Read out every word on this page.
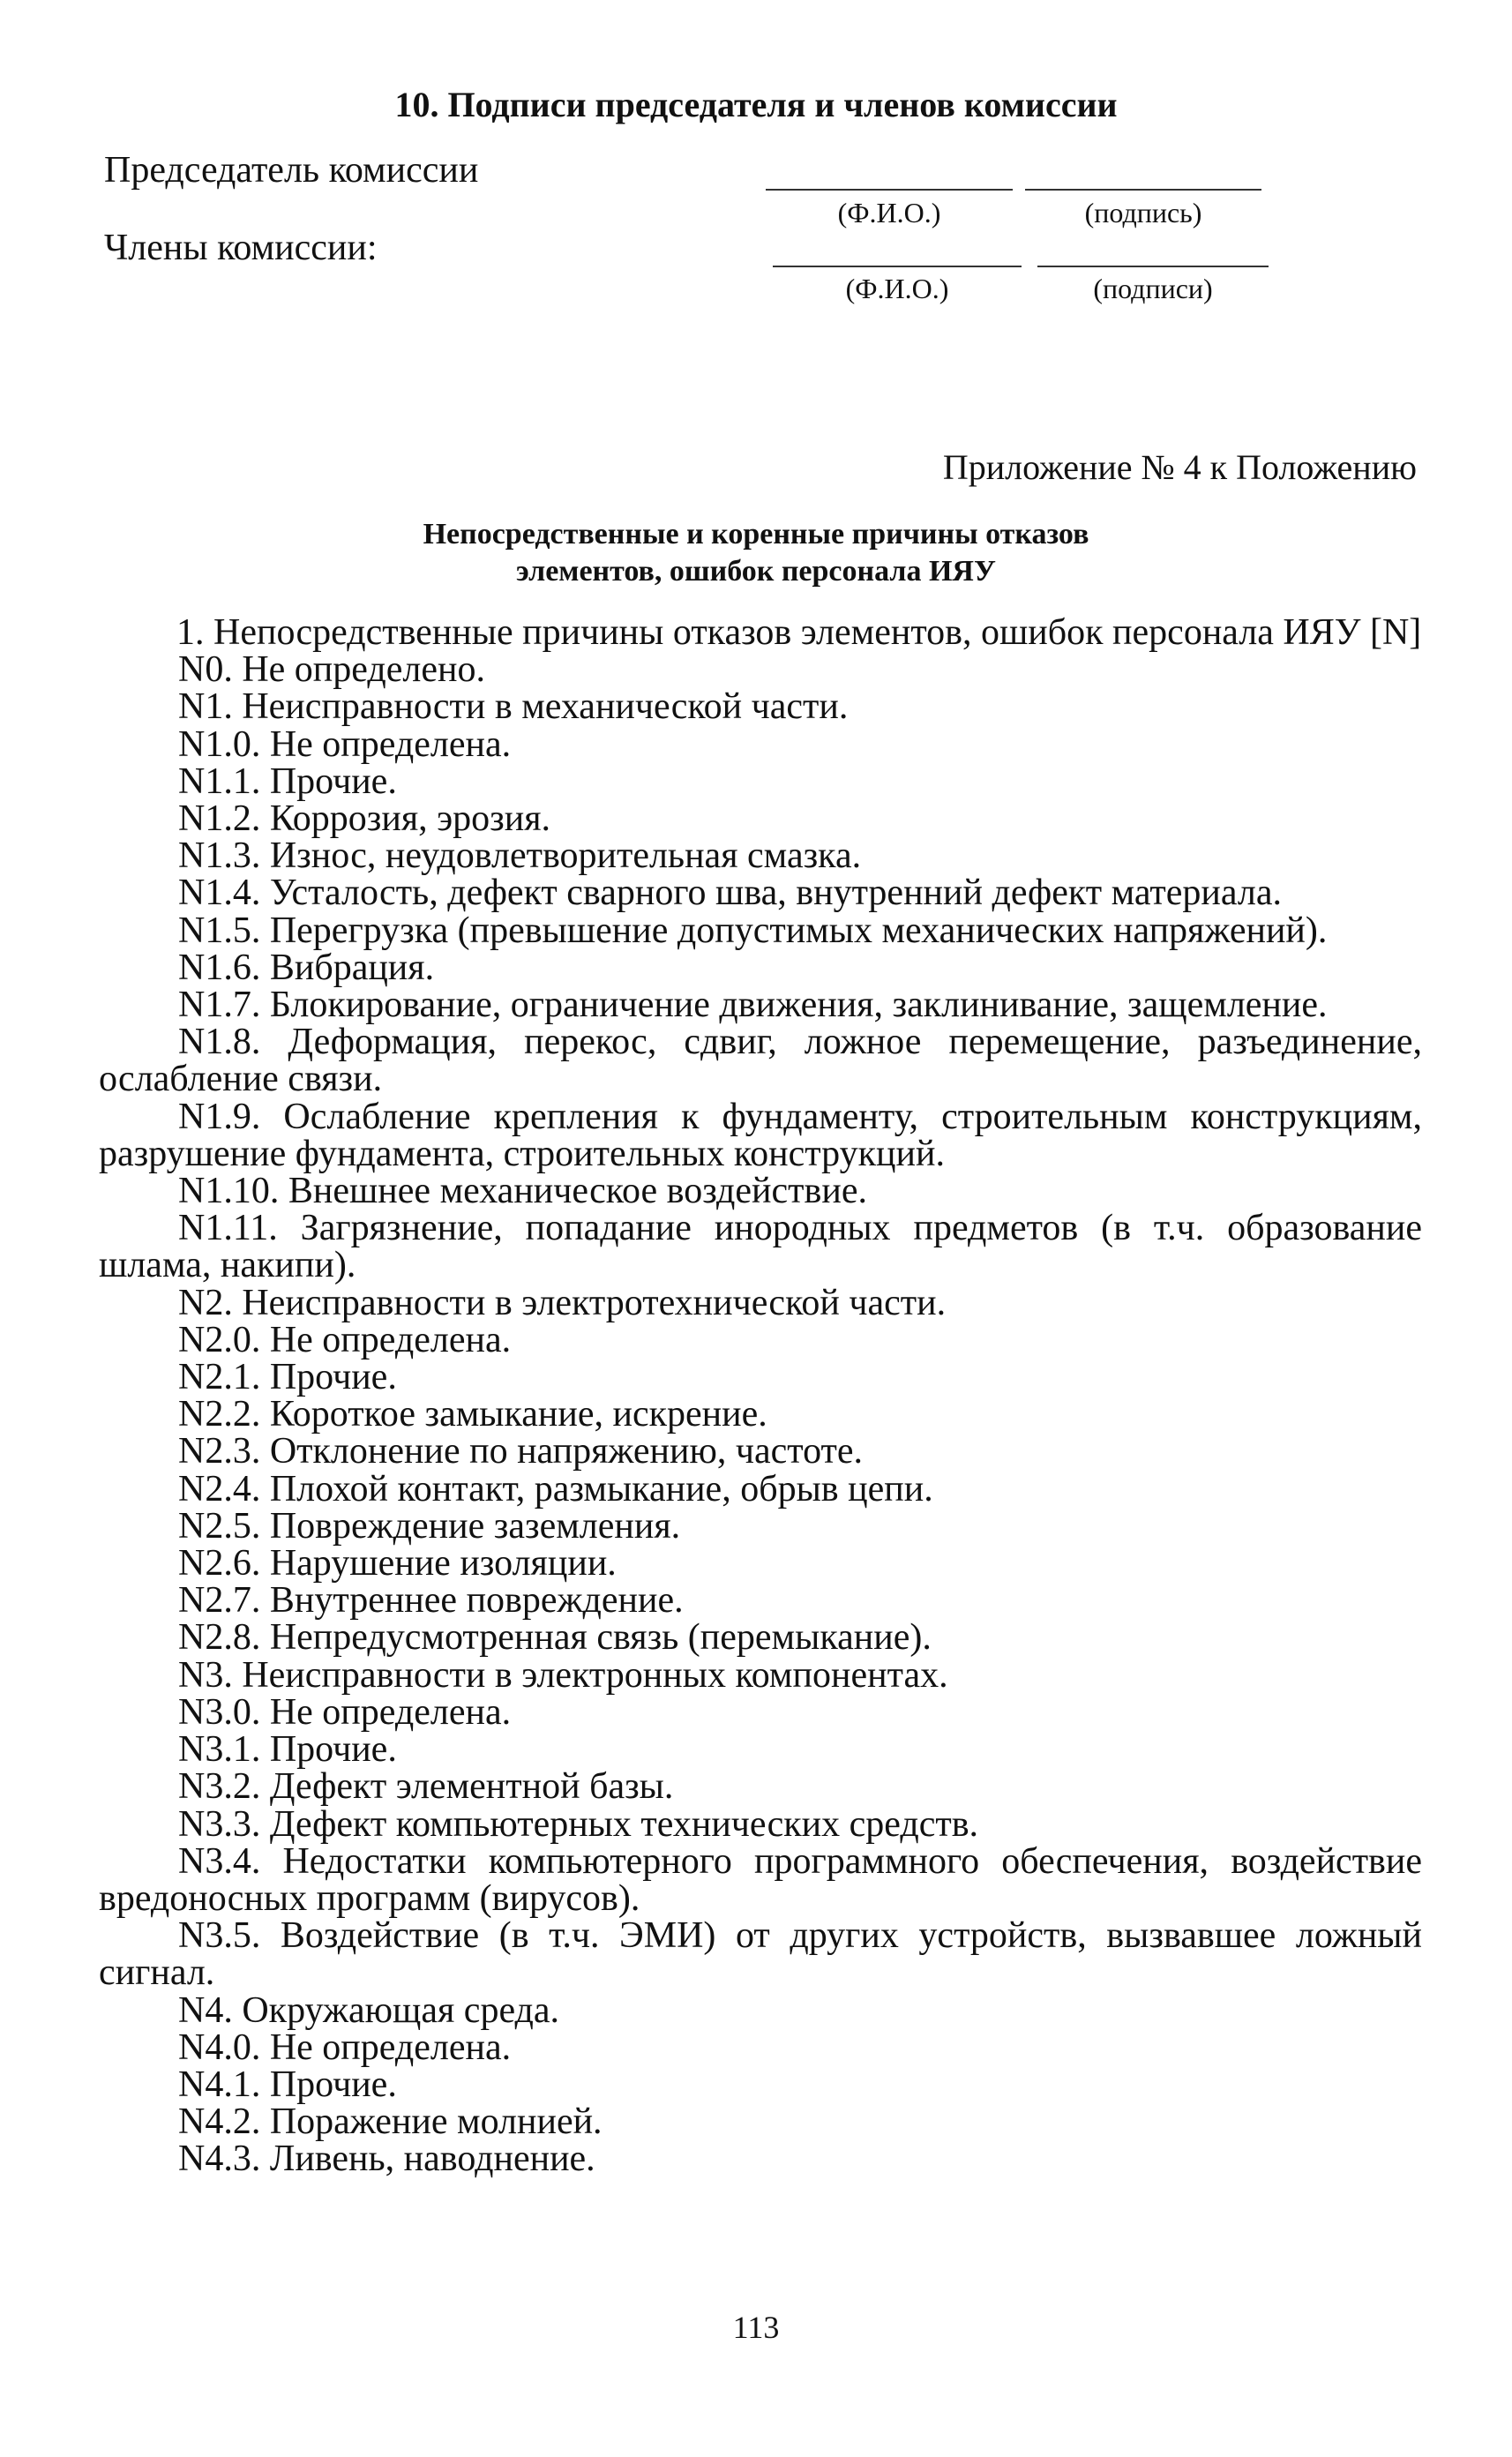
10. Подписи председателя и членов комиссии
Председатель комиссии
(Ф.И.О.)	(подпись)
Члены комиссии:
(Ф.И.О.)	(подписи)
Приложение № 4 к Положению
Непосредственные и коренные причины отказов
элементов, ошибок персонала ИЯУ

1. Непосредственные причины отказов элементов, ошибок персонала ИЯУ [N]

N0. Не определено.

N1. Неисправности в механической части.

N1.0. Не определена.

N1.1. Прочие.

N1.2. Коррозия, эрозия.

N1.3. Износ, неудовлетворительная смазка.

N1.4. Усталость, дефект сварного шва, внутренний дефект материала.

N1.5. Перегрузка (превышение допустимых механических напряжений).

N1.6. Вибрация.

N1.7. Блокирование, ограничение движения, заклинивание, защемление.

N1.8. Деформация, перекос, сдвиг, ложное перемещение, разъединение, ослабление связи.

N1.9. Ослабление крепления к фундаменту, строительным конструкциям, разрушение фундамента, строительных конструкций.

N1.10. Внешнее механическое воздействие.

N1.11. Загрязнение, попадание инородных предметов (в т.ч. образование шлама, накипи).

N2. Неисправности в электротехнической части.

N2.0. Не определена.

N2.1. Прочие.

N2.2. Короткое замыкание, искрение.

N2.3. Отклонение по напряжению, частоте.

N2.4. Плохой контакт, размыкание, обрыв цепи.

N2.5. Повреждение заземления.

N2.6. Нарушение изоляции.

N2.7. Внутреннее повреждение.

N2.8. Непредусмотренная связь (перемыкание).

N3. Неисправности в электронных компонентах.

N3.0. Не определена.

N3.1. Прочие.

N3.2. Дефект элементной базы.

N3.3. Дефект компьютерных технических средств.

N3.4. Недостатки компьютерного программного обеспечения, воздействие вредоносных программ (вирусов).

N3.5. Воздействие (в т.ч. ЭМИ) от других устройств, вызвавшее ложный сигнал.

N4. Окружающая среда.

N4.0. Не определена.

N4.1. Прочие.

N4.2. Поражение молнией.

N4.3. Ливень, наводнение.

113
